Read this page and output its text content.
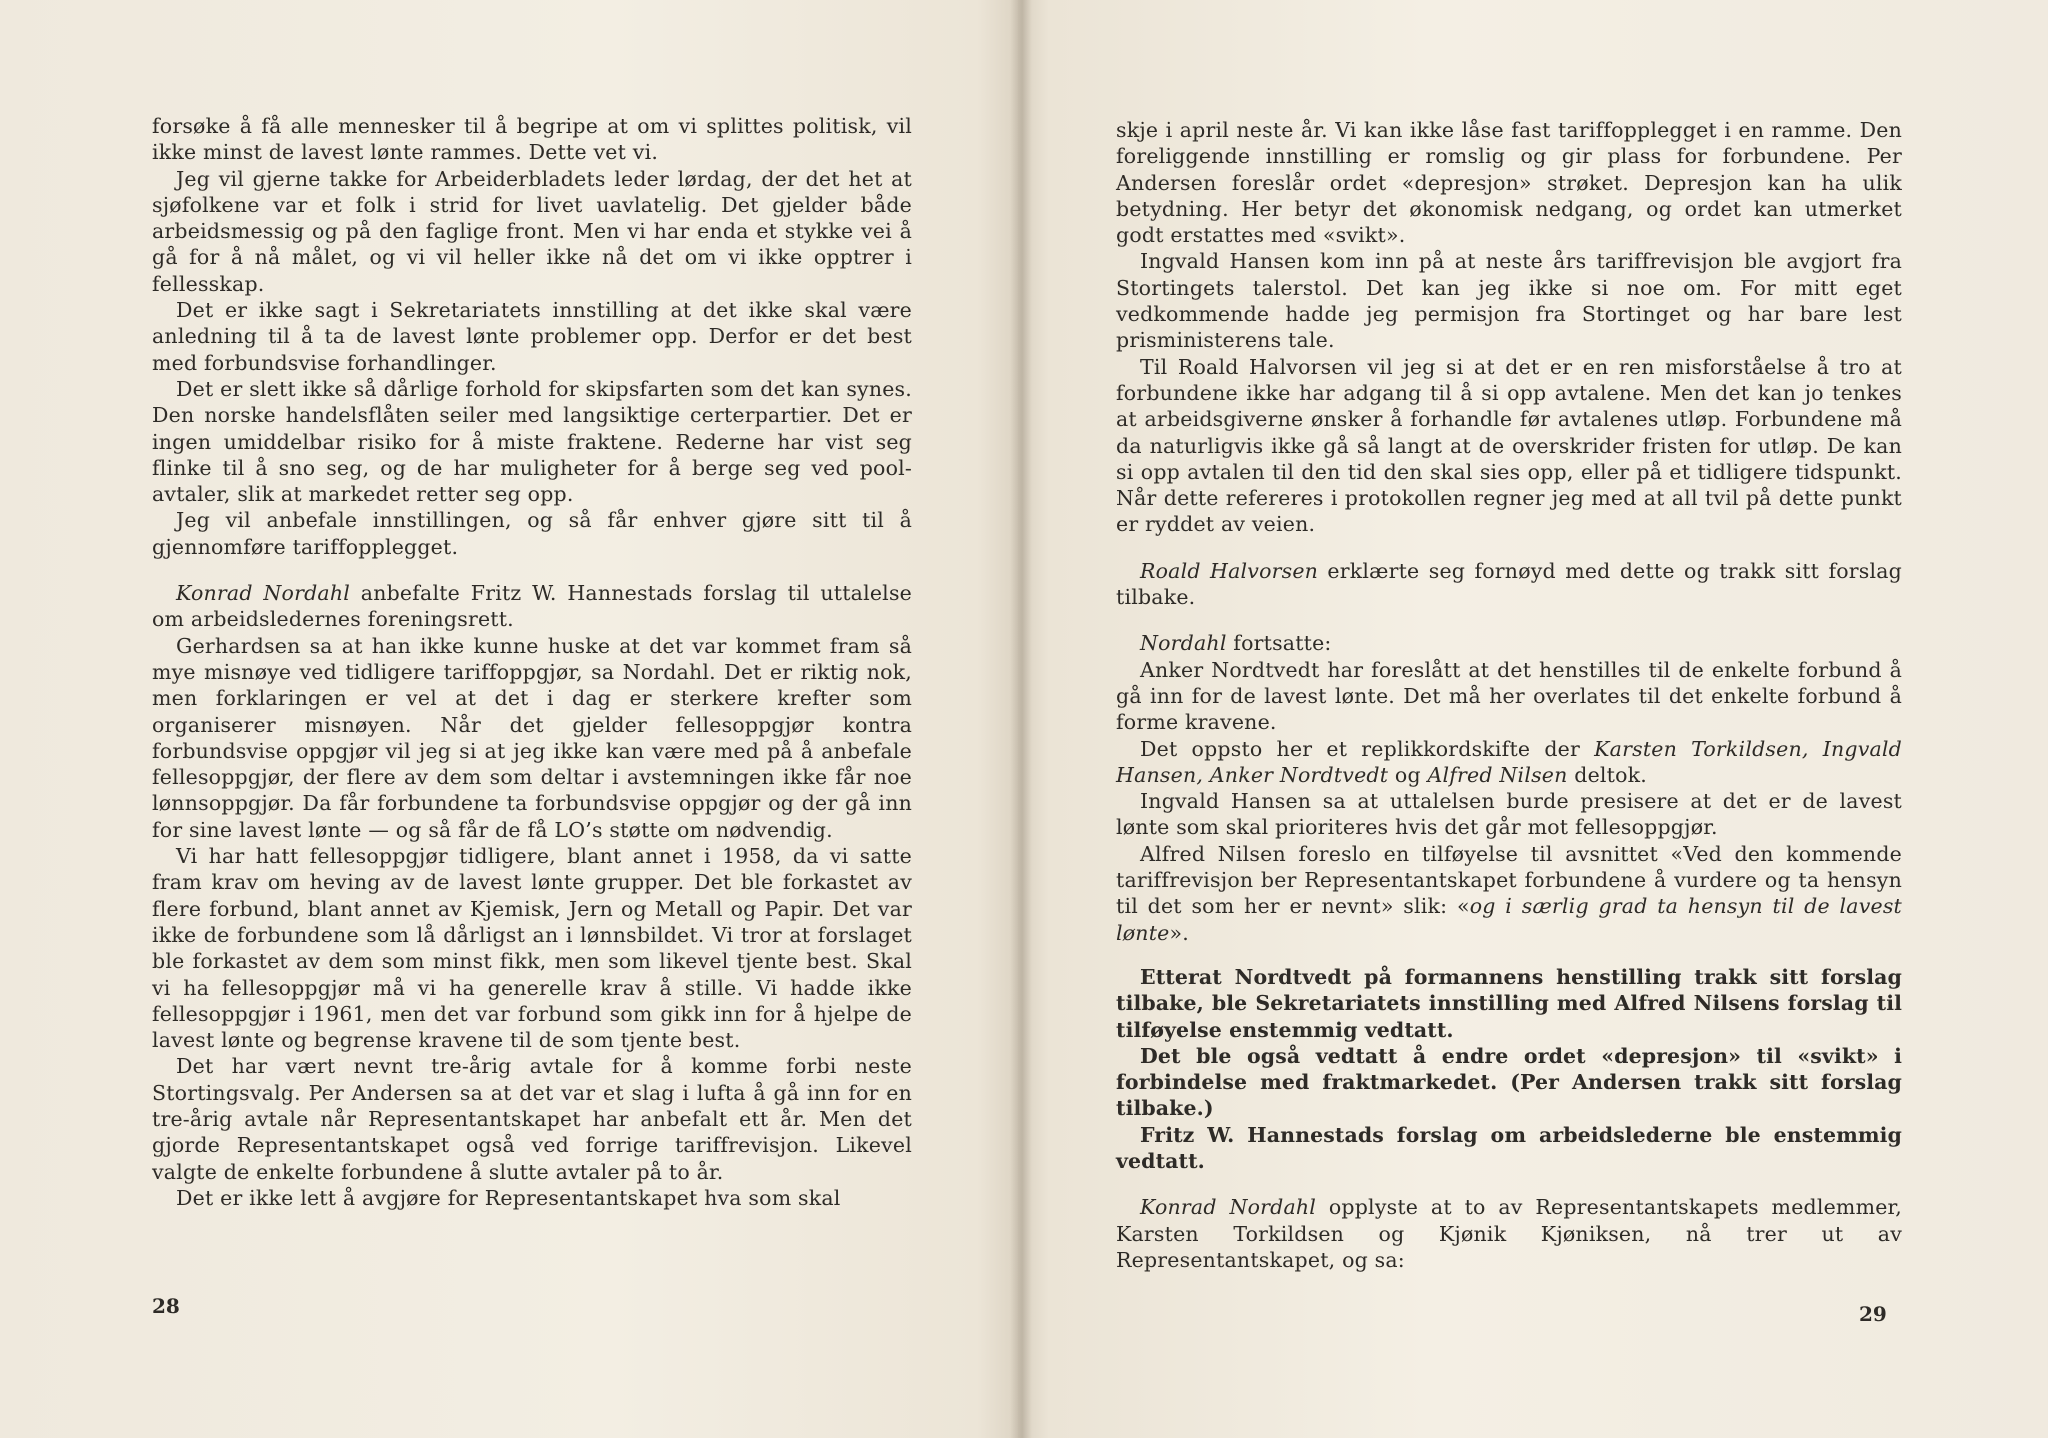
forsøke å få alle mennesker til å begripe at om vi splittes politisk, vil ikke minst de lavest lønte rammes. Dette vet vi.

Jeg vil gjerne takke for Arbeiderbladets leder lørdag, der det het at sjøfolkene var et folk i strid for livet uavlatelig. Det gjelder både arbeidsmessig og på den faglige front. Men vi har enda et stykke vei å gå for å nå målet, og vi vil heller ikke nå det om vi ikke opptrer i fellesskap.

Det er ikke sagt i Sekretariatets innstilling at det ikke skal være anledning til å ta de lavest lønte problemer opp. Derfor er det best med forbundsvise forhandlinger.

Det er slett ikke så dårlige forhold for skipsfarten som det kan synes. Den norske handelsflåten seiler med langsiktige certerpartier. Det er ingen umiddelbar risiko for å miste fraktene. Rederne har vist seg flinke til å sno seg, og de har muligheter for å berge seg ved pool-avtaler, slik at markedet retter seg opp.

Jeg vil anbefale innstillingen, og så får enhver gjøre sitt til å gjennomføre tariffopplegget.

Konrad Nordahl anbefalte Fritz W. Hannestads forslag til uttalelse om arbeidsledernes foreningsrett.

Gerhardsen sa at han ikke kunne huske at det var kommet fram så mye misnøye ved tidligere tariffoppgjør, sa Nordahl. Det er riktig nok, men forklaringen er vel at det i dag er sterkere krefter som organiserer misnøyen. Når det gjelder fellesoppgjør kontra forbundsvise oppgjør vil jeg si at jeg ikke kan være med på å anbefale fellesoppgjør, der flere av dem som deltar i avstemningen ikke får noe lønnsoppgjør. Da får forbundene ta forbundsvise oppgjør og der gå inn for sine lavest lønte — og så får de få LO’s støtte om nødvendig.

Vi har hatt fellesoppgjør tidligere, blant annet i 1958, da vi satte fram krav om heving av de lavest lønte grupper. Det ble forkastet av flere forbund, blant annet av Kjemisk, Jern og Metall og Papir. Det var ikke de forbundene som lå dårligst an i lønnsbildet. Vi tror at forslaget ble forkastet av dem som minst fikk, men som likevel tjente best. Skal vi ha fellesoppgjør må vi ha generelle krav å stille. Vi hadde ikke fellesoppgjør i 1961, men det var forbund som gikk inn for å hjelpe de lavest lønte og begrense kravene til de som tjente best.

Det har vært nevnt tre-årig avtale for å komme forbi neste Stortingsvalg. Per Andersen sa at det var et slag i lufta å gå inn for en tre-årig avtale når Representantskapet har anbefalt ett år. Men det gjorde Representantskapet også ved forrige tariffrevisjon. Likevel valgte de enkelte forbundene å slutte avtaler på to år.

Det er ikke lett å avgjøre for Representantskapet hva som skal

28

skje i april neste år. Vi kan ikke låse fast tariffopplegget i en ramme. Den foreliggende innstilling er romslig og gir plass for forbundene. Per Andersen foreslår ordet «depresjon» strøket. Depresjon kan ha ulik betydning. Her betyr det økonomisk nedgang, og ordet kan utmerket godt erstattes med «svikt».

Ingvald Hansen kom inn på at neste års tariffrevisjon ble avgjort fra Stortingets talerstol. Det kan jeg ikke si noe om. For mitt eget vedkommende hadde jeg permisjon fra Stortinget og har bare lest prisministerens tale.

Til Roald Halvorsen vil jeg si at det er en ren misforståelse å tro at forbundene ikke har adgang til å si opp avtalene. Men det kan jo tenkes at arbeidsgiverne ønsker å forhandle før avtalenes utløp. Forbundene må da naturligvis ikke gå så langt at de overskrider fristen for utløp. De kan si opp avtalen til den tid den skal sies opp, eller på et tidligere tidspunkt. Når dette refereres i protokollen regner jeg med at all tvil på dette punkt er ryddet av veien.

Roald Halvorsen erklærte seg fornøyd med dette og trakk sitt forslag tilbake.

Nordahl fortsatte:

Anker Nordtvedt har foreslått at det henstilles til de enkelte forbund å gå inn for de lavest lønte. Det må her overlates til det enkelte forbund å forme kravene.

Det oppsto her et replikkordskifte der Karsten Torkildsen, Ingvald Hansen, Anker Nordtvedt og Alfred Nilsen deltok.

Ingvald Hansen sa at uttalelsen burde presisere at det er de lavest lønte som skal prioriteres hvis det går mot fellesoppgjør.

Alfred Nilsen foreslo en tilføyelse til avsnittet «Ved den kommende tariffrevisjon ber Representantskapet forbundene å vurdere og ta hensyn til det som her er nevnt» slik: «og i særlig grad ta hensyn til de lavest lønte».

Etterat Nordtvedt på formannens henstilling trakk sitt forslag tilbake, ble Sekretariatets innstilling med Alfred Nilsens forslag til tilføyelse enstemmig vedtatt.

Det ble også vedtatt å endre ordet «depresjon» til «svikt» i forbindelse med fraktmarkedet. (Per Andersen trakk sitt forslag tilbake.)

Fritz W. Hannestads forslag om arbeidslederne ble enstemmig vedtatt.

Konrad Nordahl opplyste at to av Representantskapets medlemmer, Karsten Torkildsen og Kjønik Kjøniksen, nå trer ut av Representantskapet, og sa:

29
